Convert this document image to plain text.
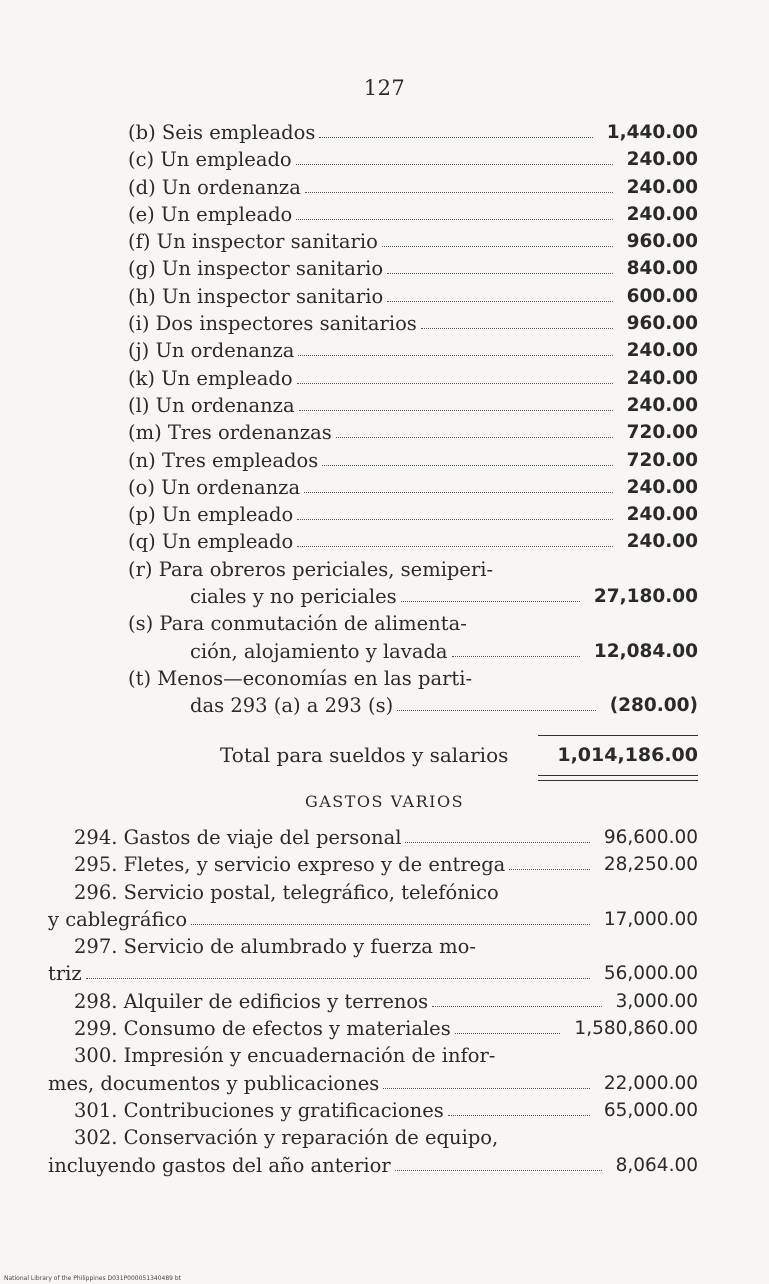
127
(b) Seis empleados	1,440.00
(c) Un empleado	240.00
(d) Un ordenanza	240.00
(e) Un empleado	240.00
(f) Un inspector sanitario	960.00
(g) Un inspector sanitario	840.00
(h) Un inspector sanitario	600.00
(i) Dos inspectores sanitarios	960.00
(j) Un ordenanza	240.00
(k) Un empleado	240.00
(l) Un ordenanza	240.00
(m) Tres ordenanzas	720.00
(n) Tres empleados	720.00
(o) Un ordenanza	240.00
(p) Un empleado	240.00
(q) Un empleado	240.00
(r) Para obreros periciales, semiperi-
ciales y no periciales	27,180.00
(s) Para conmutación de alimenta-
ción, alojamiento y lavada	12,084.00
(t) Menos—economías en las parti-
das 293 (a) a 293 (s)	(280.00)
Total para sueldos y salarios	1,014,186.00
GASTOS VARIOS
294. Gastos de viaje del personal	96,600.00
295. Fletes, y servicio expreso y de entrega	28,250.00
296. Servicio postal, telegráfico, telefónico
y cablegráfico	17,000.00
297. Servicio de alumbrado y fuerza mo-
triz	56,000.00
298. Alquiler de edificios y terrenos	3,000.00
299. Consumo de efectos y materiales	1,580,860.00
300. Impresión y encuadernación de infor-
mes, documentos y publicaciones	22,000.00
301. Contribuciones y gratificaciones	65,000.00
302. Conservación y reparación de equipo,
incluyendo gastos del año anterior	8,064.00
National Library of the Philippines D031P000051340489 bt
